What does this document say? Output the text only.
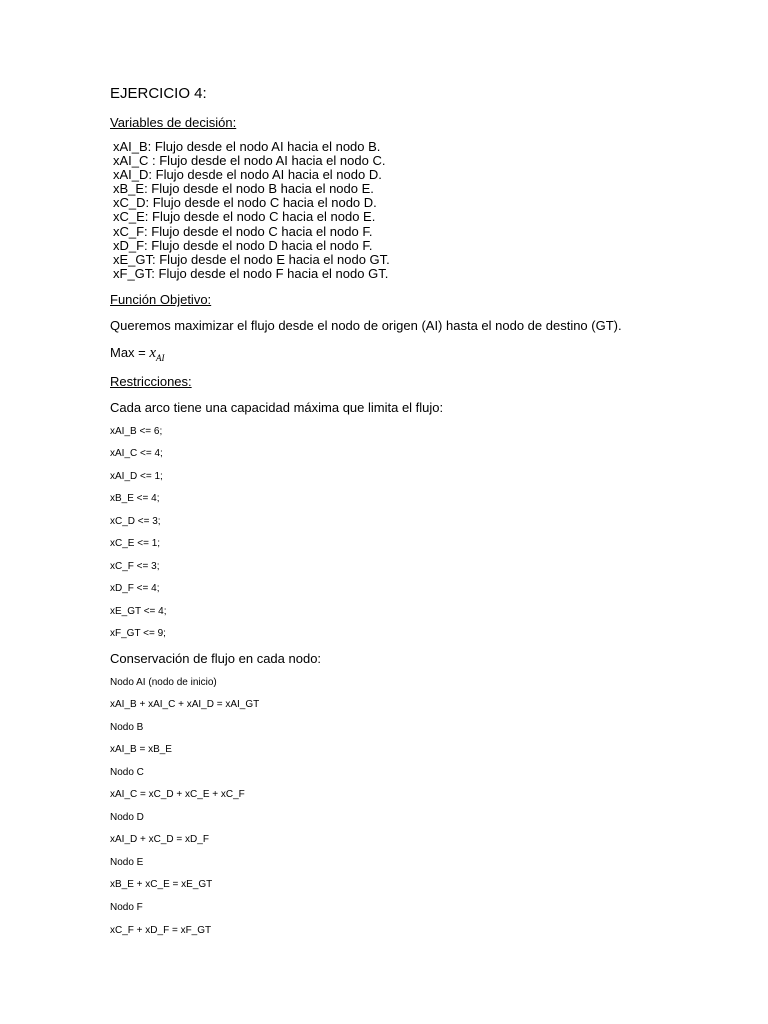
EJERCICIO 4:
Variables de decisión:
xAI_B: Flujo desde el nodo AI hacia el nodo B.
xAI_C : Flujo desde el nodo AI hacia el nodo C.
xAI_D: Flujo desde el nodo AI hacia el nodo D.
xB_E: Flujo desde el nodo B hacia el nodo E.
xC_D: Flujo desde el nodo C hacia el nodo D.
xC_E: Flujo desde el nodo C hacia el nodo E.
xC_F: Flujo desde el nodo C hacia el nodo F.
xD_F: Flujo desde el nodo D hacia el nodo F.
xE_GT: Flujo desde el nodo E hacia el nodo GT.
xF_GT: Flujo desde el nodo F hacia el nodo GT.
Función Objetivo:
Queremos maximizar el flujo desde el nodo de origen (AI) hasta el nodo de destino (GT).
Max = $x_{AI}$
Restricciones:
Cada arco tiene una capacidad máxima que limita el flujo:
xAI_B <= 6;
xAI_C <= 4;
xAI_D <= 1;
xB_E <= 4;
xC_D <= 3;
xC_E <= 1;
xC_F <= 3;
xD_F <= 4;
xE_GT <= 4;
xF_GT <= 9;
Conservación de flujo en cada nodo:
Nodo AI (nodo de inicio)
xAI_B + xAI_C + xAI_D = xAI_GT
Nodo B
xAI_B = xB_E
Nodo C
xAI_C = xC_D + xC_E + xC_F
Nodo D
xAI_D + xC_D = xD_F
Nodo E
xB_E + xC_E = xE_GT
Nodo F
xC_F + xD_F = xF_GT
